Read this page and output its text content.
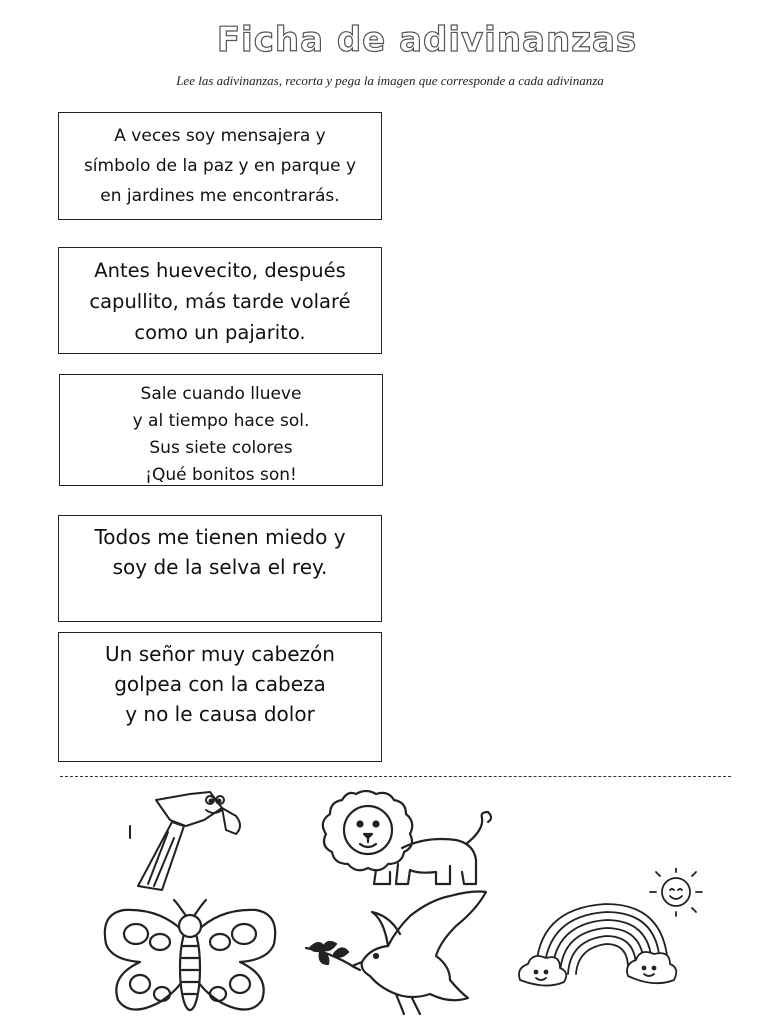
Ficha de adivinanzas
Lee las adivinanzas, recorta y pega la imagen que corresponde a cada adivinanza
A veces soy mensajera y
símbolo de la paz y en parque y
en jardines me encontrarás.
Antes huevecito, después
capullito, más tarde volaré
como un pajarito.
Sale cuando llueve
y al tiempo hace sol.
Sus siete colores
¡Qué bonitos son!
Todos me tienen miedo y
soy de la selva el rey.
Un señor muy cabezón
golpea con la cabeza
y no le causa dolor
